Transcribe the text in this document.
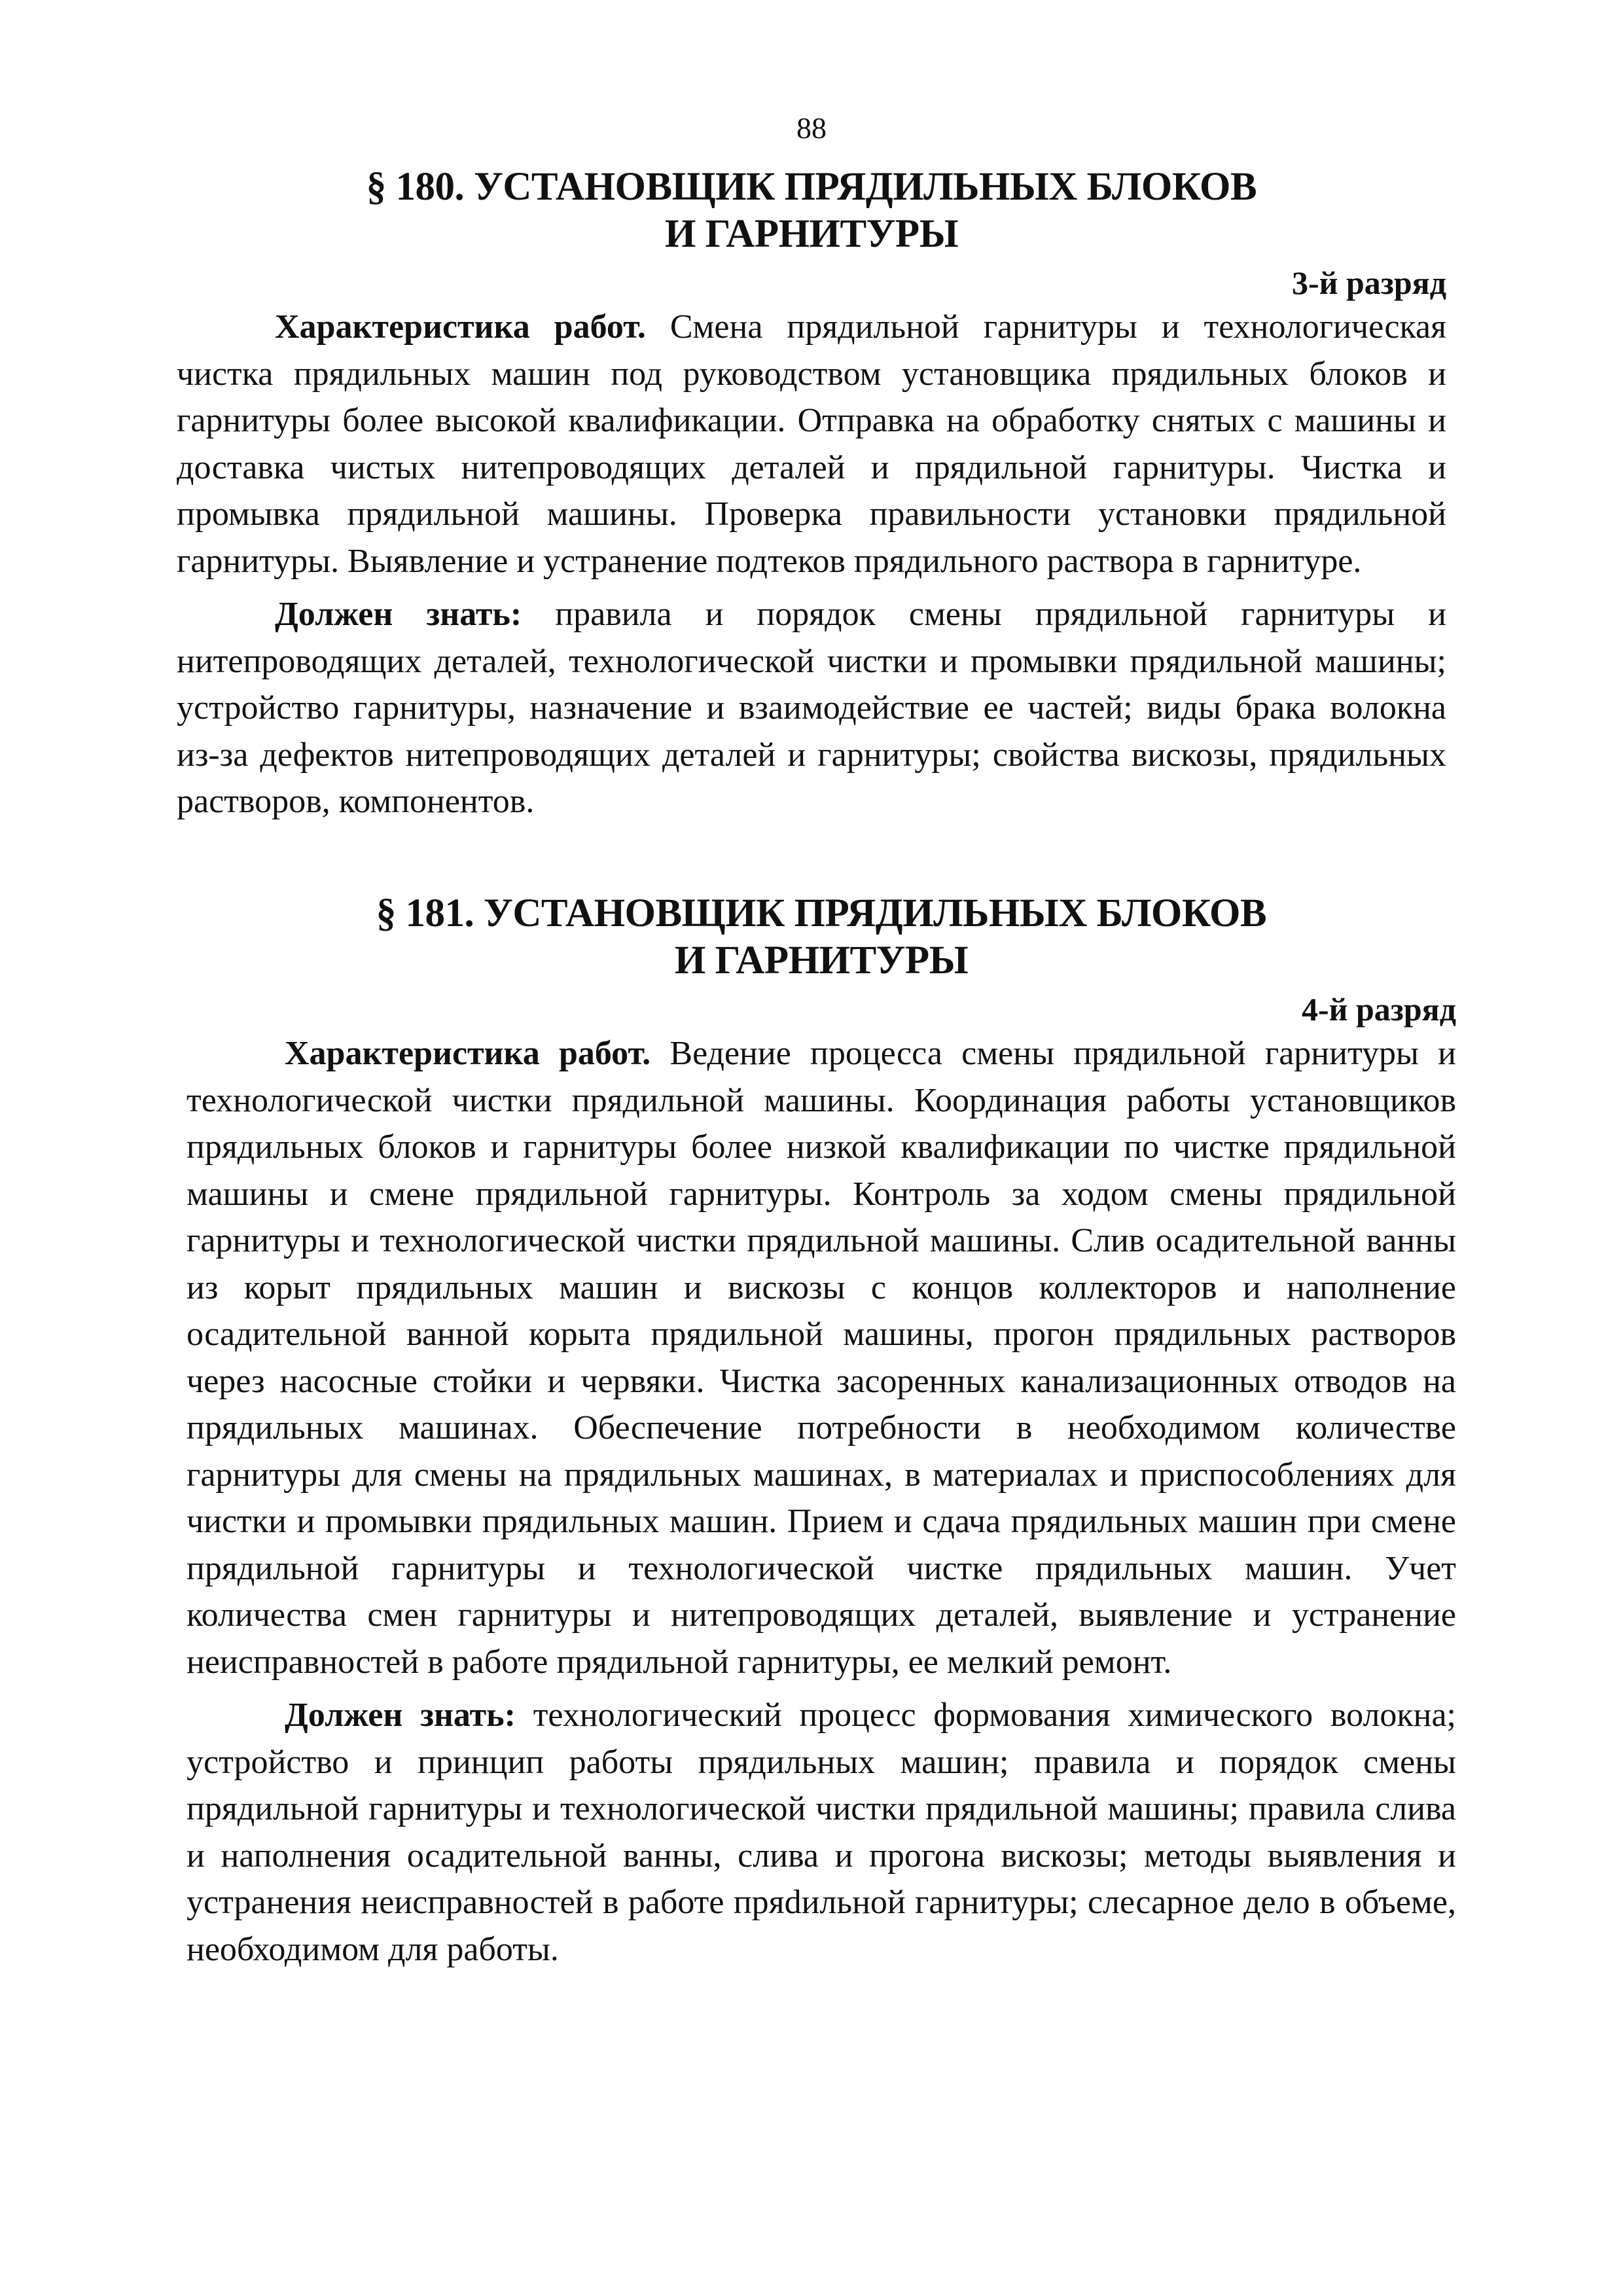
88
§ 180. УСТАНОВЩИК ПРЯДИЛЬНЫХ БЛОКОВ
И ГАРНИТУРЫ
3-й разряд

Характеристика работ. Смена прядильной гарнитуры и технологическая чистка прядильных машин под руководством установщика прядильных блоков и гарнитуры более высокой квалификации. Отправка на обработку снятых с машины и доставка чистых нитепроводящих деталей и прядильной гарнитуры. Чистка и промывка прядильной машины. Проверка правильности установки прядильной гарнитуры. Выявление и устранение подтеков прядильного раствора в гарнитуре.

Должен знать: правила и порядок смены прядильной гарнитуры и нитепроводящих деталей, технологической чистки и промывки прядильной машины; устройство гарнитуры, назначение и взаимодействие ее частей; виды брака волокна из-за дефектов нитепроводящих деталей и гарнитуры; свойства вискозы, прядильных растворов, компонентов.

§ 181. УСТАНОВЩИК ПРЯДИЛЬНЫХ БЛОКОВ
И ГАРНИТУРЫ
4-й разряд

Характеристика работ. Ведение процесса смены прядильной гарнитуры и технологической чистки прядильной машины. Координация работы установщиков прядильных блоков и гарнитуры более низкой квалификации по чистке прядильной машины и смене прядильной гарнитуры. Контроль за ходом смены прядильной гарнитуры и технологической чистки прядильной машины. Слив осадительной ванны из корыт прядильных машин и вискозы с концов коллекторов и наполнение осадительной ванной корыта прядильной машины, прогон прядильных растворов через насосные стойки и червяки. Чистка засоренных канализационных отводов на прядильных машинах. Обеспечение потребности в необходимом количестве гарнитуры для смены на прядильных машинах, в материалах и приспособлениях для чистки и промывки прядильных машин. Прием и сдача прядильных машин при смене прядильной гарнитуры и технологической чистке прядильных машин. Учет количества смен гарнитуры и нитепроводящих деталей, выявление и устранение неисправностей в работе прядильной гарнитуры, ее мелкий ремонт.

Должен знать: технологический процесс формования химического волокна; устройство и принцип работы прядильных машин; правила и порядок смены прядильной гарнитуры и технологической чистки прядильной машины; правила слива и наполнения осадительной ванны, слива и прогона вискозы; методы выявления и устранения неисправностей в работе пряdильной гарнитуры; слесарное дело в объеме, необходимом для работы.
